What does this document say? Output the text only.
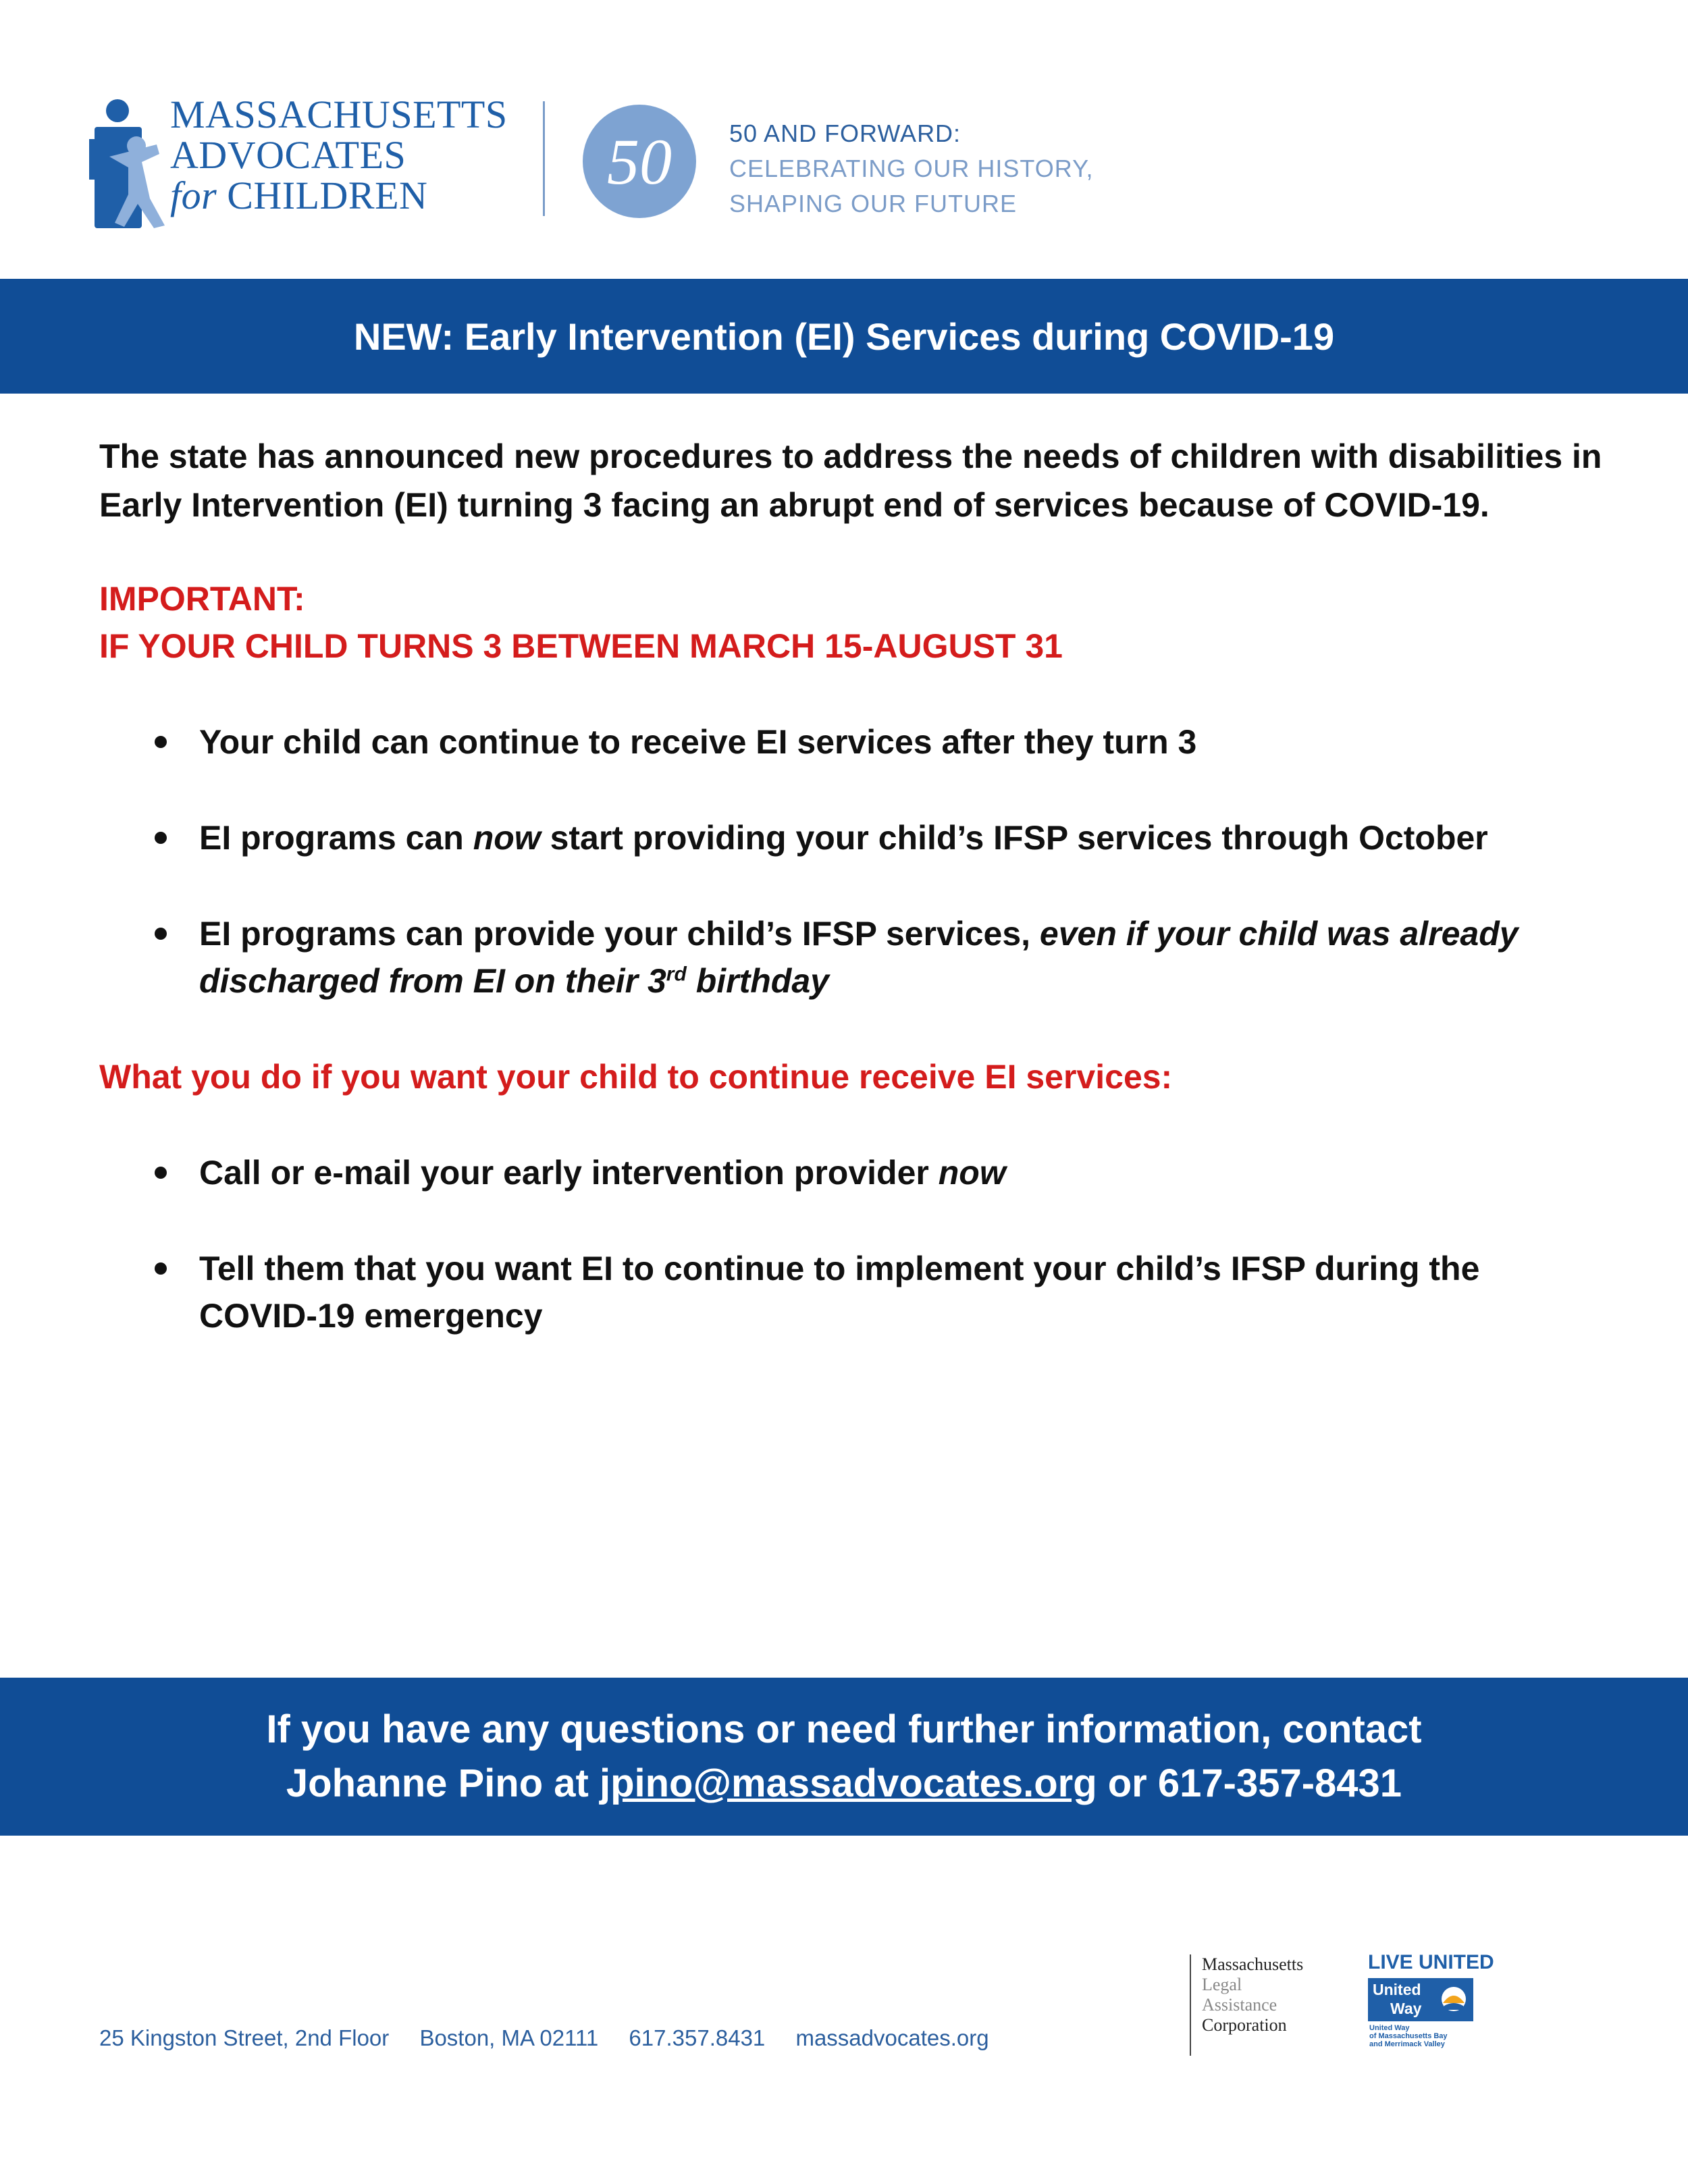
MASSACHUSETTS
ADVOCATES
for CHILDREN	50 50 AND FORWARD:
CELEBRATING OUR HISTORY,
SHAPING OUR FUTURE
NEW: Early Intervention (EI) Services during COVID-19

The state has announced new procedures to address the needs of children with disabilities in Early Intervention (EI) turning 3 facing an abrupt end of services because of COVID-19.

IMPORTANT:
IF YOUR CHILD TURNS 3 BETWEEN MARCH 15-AUGUST 31
Your child can continue to receive EI services after they turn 3
EI programs can now start providing your child’s IFSP services through October
EI programs can provide your child’s IFSP services, even if your child was already discharged from EI on their 3rd birthday
What you do if you want your child to continue receive EI services:
Call or e-mail your early intervention provider now
Tell them that you want EI to continue to implement your child’s IFSP during the COVID-19 emergency
If you have any questions or need further information, contact
Johanne Pino at jpino@massadvocates.org or 617-357-8431
25 Kingston Street, 2nd Floor Boston, MA 02111 617.357.8431 massadvocates.org
Massachusetts
Legal
Assistance
Corporation
LIVE UNITED
United
Way
United Way
of Massachusetts Bay
and Merrimack Valley
